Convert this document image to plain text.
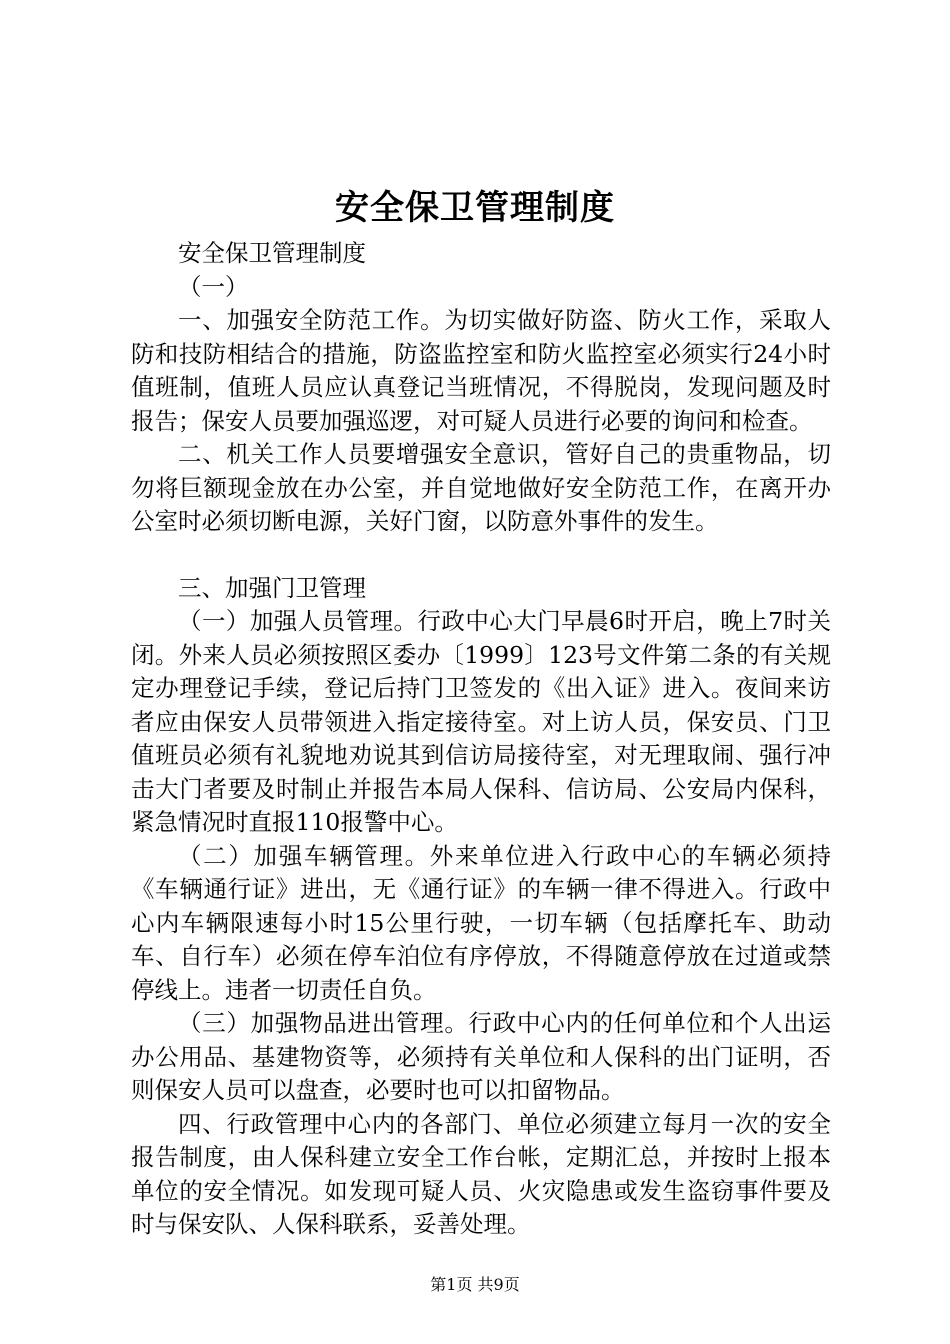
安全保卫管理制度

安全保卫管理制度

（一）

一、加强安全防范工作。为切实做好防盗、防火工作，采取人防和技防相结合的措施，防盗监控室和防火监控室必须实行24小时值班制，值班人员应认真登记当班情况，不得脱岗，发现问题及时报告；保安人员要加强巡逻，对可疑人员进行必要的询问和检查。

二、机关工作人员要增强安全意识，管好自己的贵重物品，切勿将巨额现金放在办公室，并自觉地做好安全防范工作，在离开办公室时必须切断电源，关好门窗，以防意外事件的发生。

三、加强门卫管理

（一）加强人员管理。行政中心大门早晨6时开启，晚上7时关闭。外来人员必须按照区委办〔1999〕123号文件第二条的有关规定办理登记手续，登记后持门卫签发的《出入证》进入。夜间来访者应由保安人员带领进入指定接待室。对上访人员，保安员、门卫值班员必须有礼貌地劝说其到信访局接待室，对无理取闹、强行冲击大门者要及时制止并报告本局人保科、信访局、公安局内保科，紧急情况时直报110报警中心。

（二）加强车辆管理。外来单位进入行政中心的车辆必须持《车辆通行证》进出，无《通行证》的车辆一律不得进入。行政中心内车辆限速每小时15公里行驶，一切车辆（包括摩托车、助动车、自行车）必须在停车泊位有序停放，不得随意停放在过道或禁停线上。违者一切责任自负。

（三）加强物品进出管理。行政中心内的任何单位和个人出运办公用品、基建物资等，必须持有关单位和人保科的出门证明，否则保安人员可以盘查，必要时也可以扣留物品。

四、行政管理中心内的各部门、单位必须建立每月一次的安全报告制度，由人保科建立安全工作台帐，定期汇总，并按时上报本单位的安全情况。如发现可疑人员、火灾隐患或发生盗窃事件要及时与保安队、人保科联系，妥善处理。

第1页 共9页
